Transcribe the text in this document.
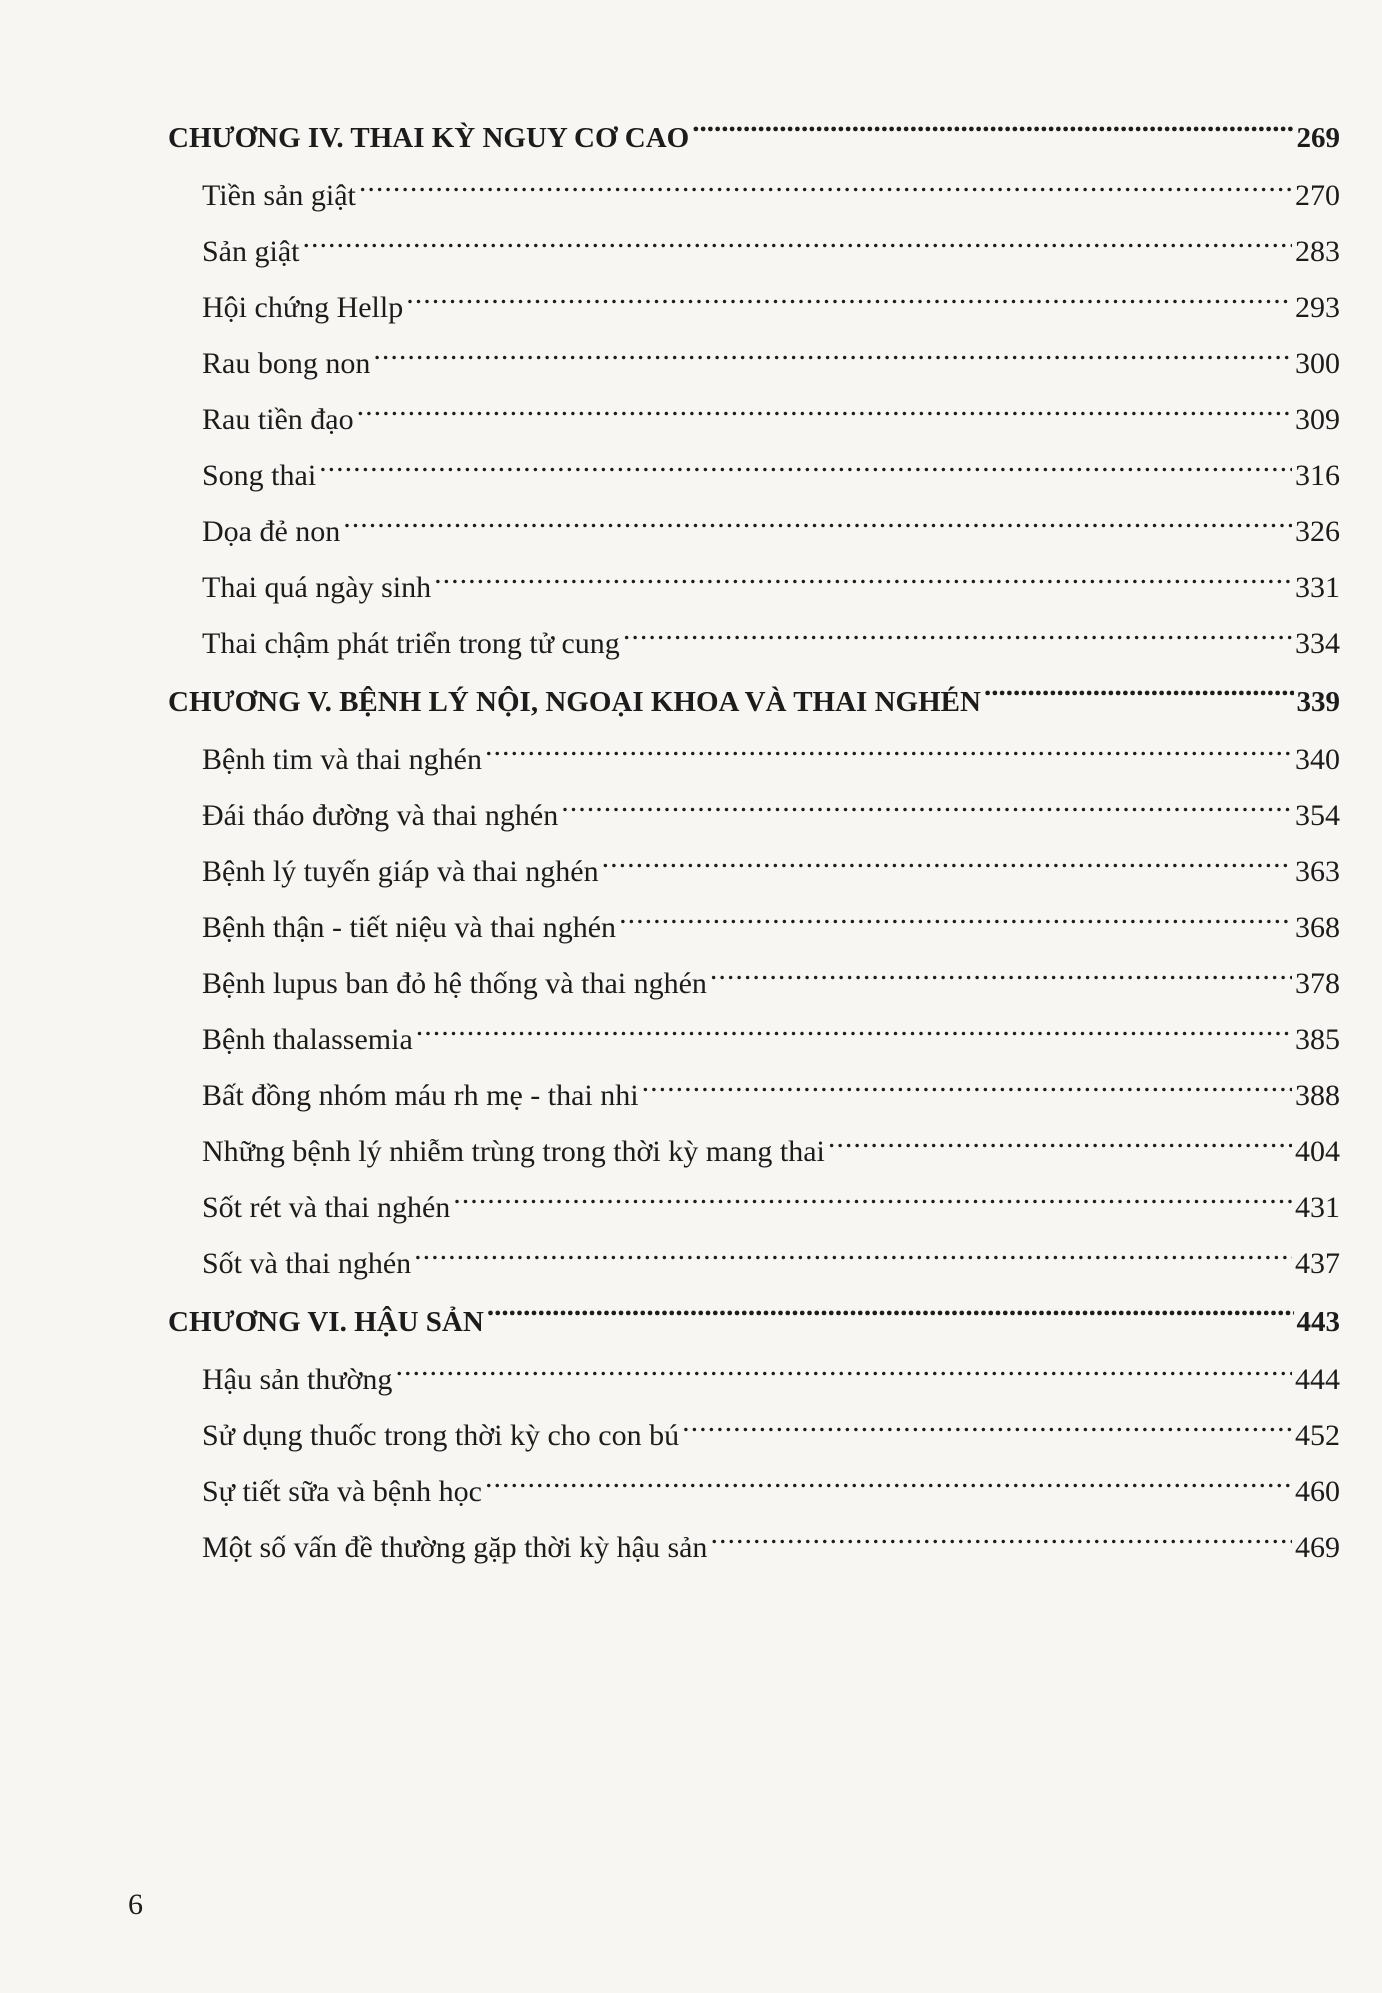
CHƯƠNG IV. THAI KỲ NGUY CƠ CAO .....	269
Tiền sản giật .....	270
Sản giật .....	283
Hội chứng Hellp .....	293
Rau bong non .....	300
Rau tiền đạo .....	309
Song thai .....	316
Dọa đẻ non .....	326
Thai quá ngày sinh .....	331
Thai chậm phát triển trong tử cung .....	334
CHƯƠNG V. BỆNH LÝ NỘI, NGOẠI KHOA VÀ THAI NGHÉN .....	339
Bệnh tim và thai nghén .....	340
Đái tháo đường và thai nghén .....	354
Bệnh lý tuyến giáp và thai nghén .....	363
Bệnh thận - tiết niệu và thai nghén .....	368
Bệnh lupus ban đỏ hệ thống và thai nghén .....	378
Bệnh thalassemia .....	385
Bất đồng nhóm máu rh mẹ - thai nhi .....	388
Những bệnh lý nhiễm trùng trong thời kỳ mang thai .....	404
Sốt rét và thai nghén .....	431
Sốt và thai nghén .....	437
CHƯƠNG VI. HẬU SẢN .....	443
Hậu sản thường .....	444
Sử dụng thuốc trong thời kỳ cho con bú .....	452
Sự tiết sữa và bệnh học .....	460
Một số vấn đề thường gặp thời kỳ hậu sản .....	469
6
